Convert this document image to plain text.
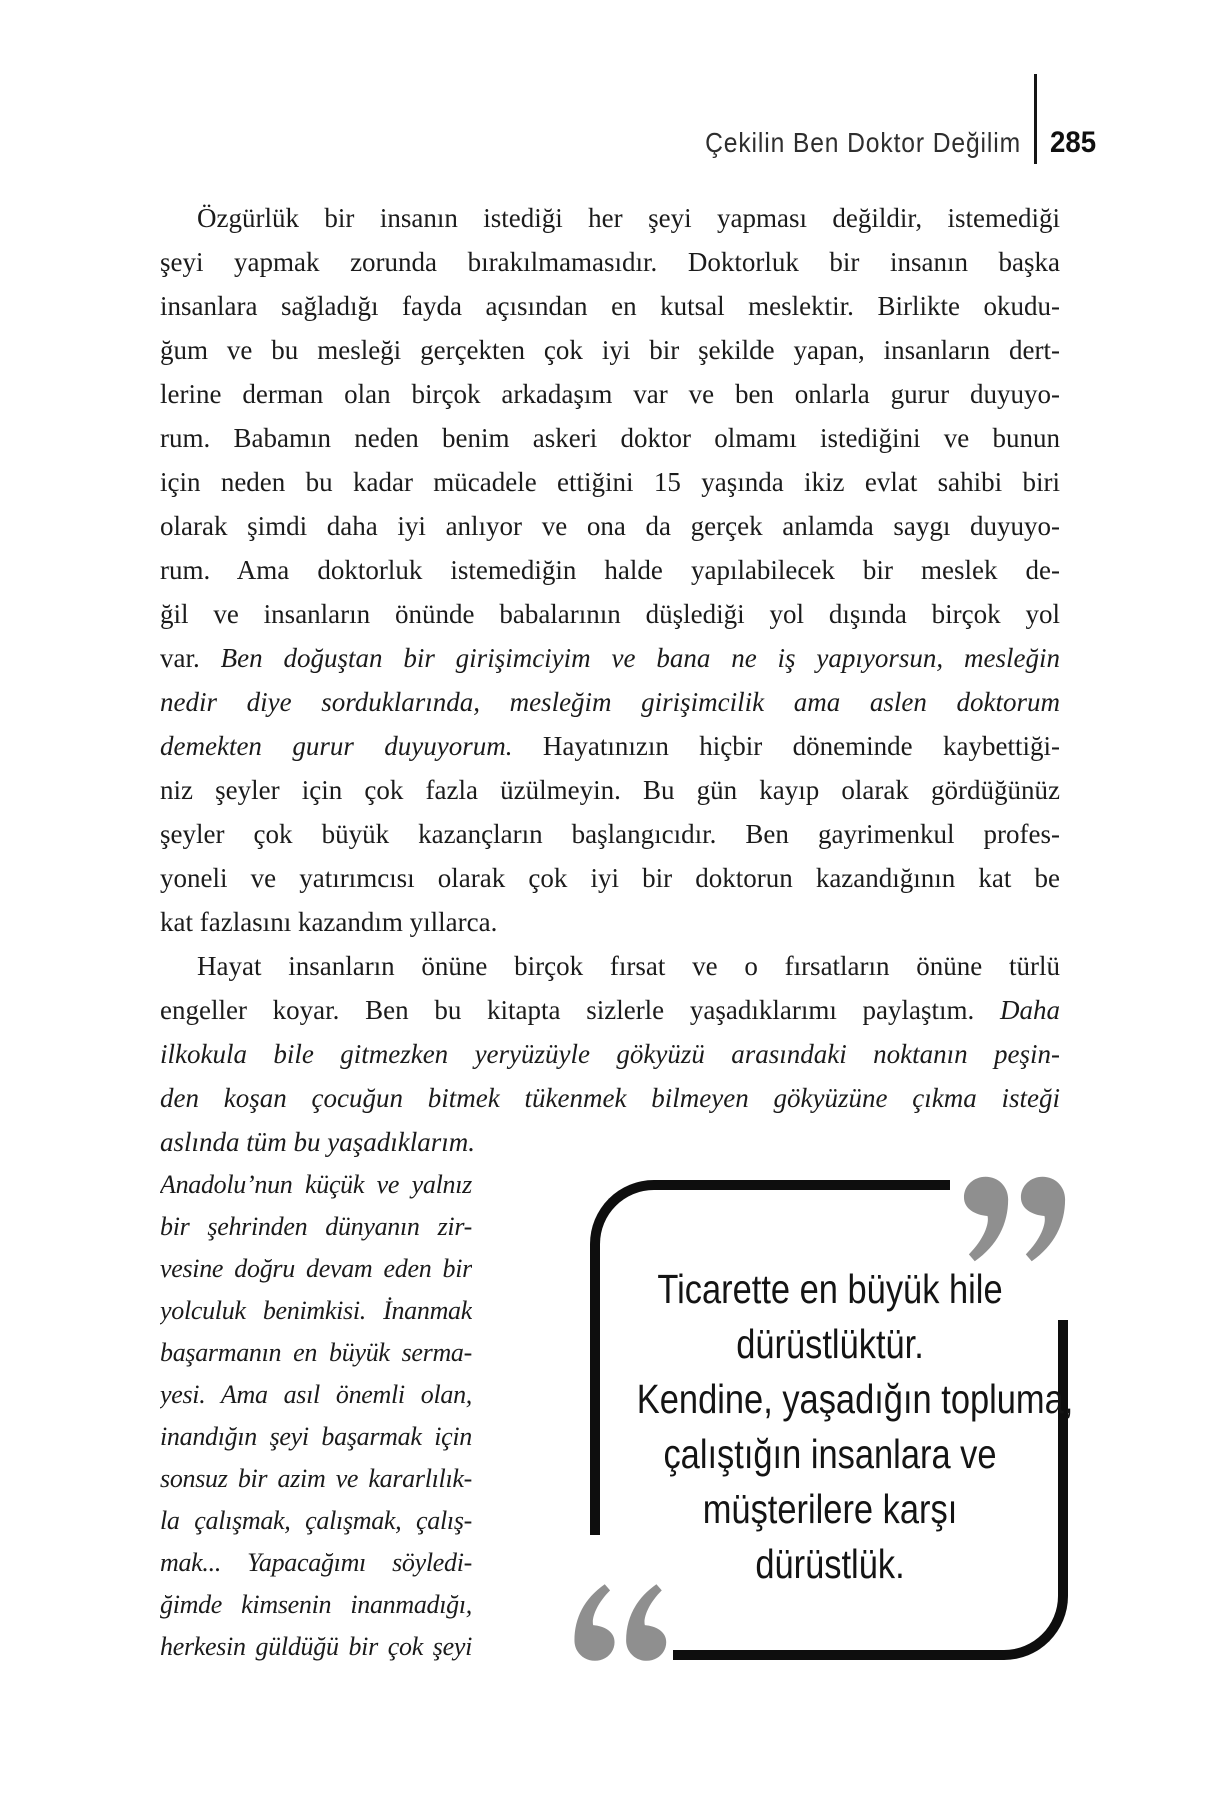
Çekilin Ben Doktor Değilim 285
Özgürlük bir insanın istediği her şeyi yapması değildir, istemediği
şeyi yapmak zorunda bırakılmamasıdır. Doktorluk bir insanın başka
insanlara sağladığı fayda açısından en kutsal meslektir. Birlikte okudu-
ğum ve bu mesleği gerçekten çok iyi bir şekilde yapan, insanların dert-
lerine derman olan birçok arkadaşım var ve ben onlarla gurur duyuyo-
rum. Babamın neden benim askeri doktor olmamı istediğini ve bunun
için neden bu kadar mücadele ettiğini 15 yaşında ikiz evlat sahibi biri
olarak şimdi daha iyi anlıyor ve ona da gerçek anlamda saygı duyuyo-
rum. Ama doktorluk istemediğin halde yapılabilecek bir meslek de-
ğil ve insanların önünde babalarının düşlediği yol dışında birçok yol
var. Ben doğuştan bir girişimciyim ve bana ne iş yapıyorsun, mesleğin
nedir diye sorduklarında, mesleğim girişimcilik ama aslen doktorum
demekten gurur duyuyorum. Hayatınızın hiçbir döneminde kaybettiği-
niz şeyler için çok fazla üzülmeyin. Bu gün kayıp olarak gördüğünüz
şeyler çok büyük kazançların başlangıcıdır. Ben gayrimenkul profes-
yoneli ve yatırımcısı olarak çok iyi bir doktorun kazandığının kat be
kat fazlasını kazandım yıllarca.
Hayat insanların önüne birçok fırsat ve o fırsatların önüne türlü
engeller koyar. Ben bu kitapta sizlerle yaşadıklarımı paylaştım. Daha
ilkokula bile gitmezken yeryüzüyle gökyüzü arasındaki noktanın peşin-
den koşan çocuğun bitmek tükenmek bilmeyen gökyüzüne çıkma isteği
aslında tüm bu yaşadıklarım.
Anadolu’nun küçük ve yalnız
bir şehrinden dünyanın zir-
vesine doğru devam eden bir
yolculuk benimkisi. İnanmak
başarmanın en büyük serma-
yesi. Ama asıl önemli olan,
inandığın şeyi başarmak için
sonsuz bir azim ve kararlılık-
la çalışmak, çalışmak, çalış-
mak... Yapacağımı söyledi-
ğimde kimsenin inanmadığı,
herkesin güldüğü bir çok şeyi
Ticarette en büyük hile
dürüstlüktür.
Kendine, yaşadığın topluma,
çalıştığın insanlara ve
müşterilere karşı
dürüstlük.
